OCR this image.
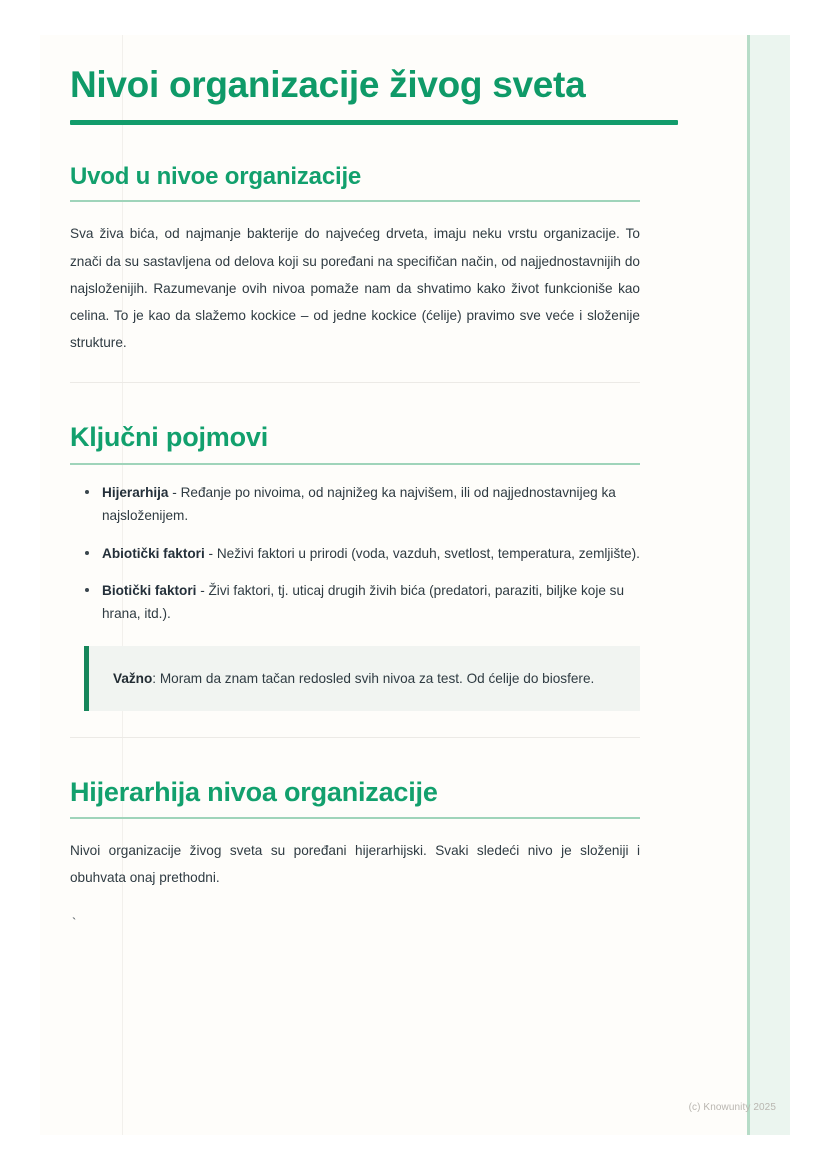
Nivoi organizacije živog sveta
Uvod u nivoe organizacije

Sva živa bića, od najmanje bakterije do najvećeg drveta, imaju neku vrstu organizacije. To znači da su sastavljena od delova koji su poređani na specifičan način, od najjednostavnijih do najsloženijih. Razumevanje ovih nivoa pomaže nam da shvatimo kako život funkcioniše kao celina. To je kao da slažemo kockice – od jedne kockice (ćelije) pravimo sve veće i složenije strukture.

Ključni pojmovi
Hijerarhija - Ređanje po nivoima, od najnižeg ka najvišem, ili od najjednostavnijeg ka najsloženijem.
Abiotički faktori - Neživi faktori u prirodi (voda, vazduh, svetlost, temperatura, zemljište).
Biotički faktori - Živi faktori, tj. uticaj drugih živih bića (predatori, paraziti, biljke koje su hrana, itd.).

Važno: Moram da znam tačan redosled svih nivoa za test. Od ćelije do biosfere.

Hijerarhija nivoa organizacije

Nivoi organizacije živog sveta su poređani hijerarhijski. Svaki sledeći nivo je složeniji i obuhvata onaj prethodni.

`
(c) Knowunity 2025
